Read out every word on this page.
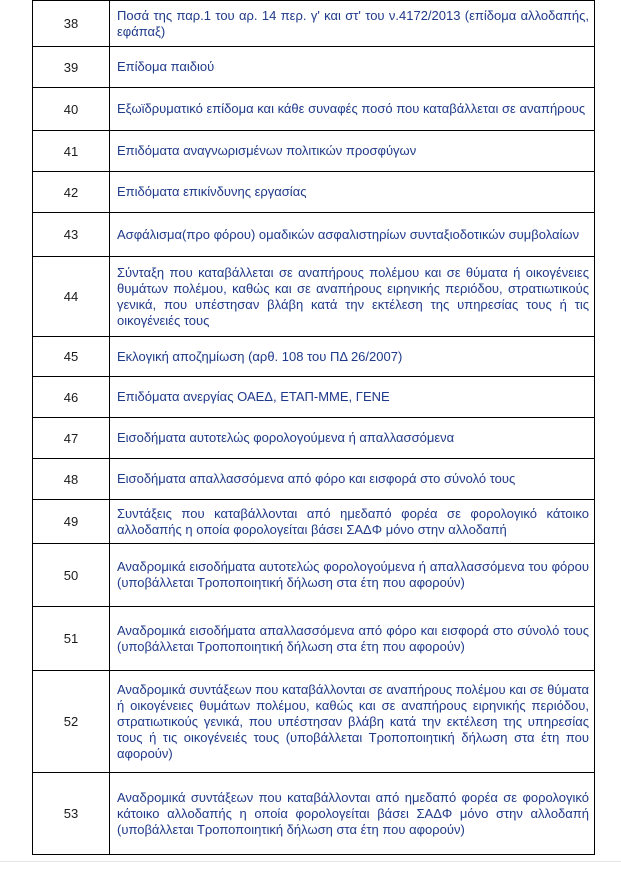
38	Ποσά της παρ.1 του αρ. 14 περ. γ' και στ' του ν.4172/2013 (επίδομα αλλοδαπής, εφάπαξ)
39	Επίδομα παιδιού
40	Εξωϊδρυματικό επίδομα και κάθε συναφές ποσό που καταβάλλεται σε αναπήρους
41	Επιδόματα αναγνωρισμένων πολιτικών προσφύγων
42	Επιδόματα επικίνδυνης εργασίας
43	Ασφάλισμα(προ φόρου) ομαδικών ασφαλιστηρίων συνταξιοδοτικών συμβολαίων
44	Σύνταξη που καταβάλλεται σε αναπήρους πολέμου και σε θύματα ή οικογένειες θυμάτων πολέμου, καθώς και σε αναπήρους ειρηνικής περιόδου, στρατιωτικούς γενικά, που υπέστησαν βλάβη κατά την εκτέλεση της υπηρεσίας τους ή τις οικογένειές τους
45	Εκλογική αποζημίωση (αρθ. 108 του ΠΔ 26/2007)
46	Επιδόματα ανεργίας ΟΑΕΔ, ΕΤΑΠ-ΜΜΕ, ΓΕΝΕ
47	Εισοδήματα αυτοτελώς φορολογούμενα ή απαλλασσόμενα
48	Εισοδήματα απαλλασσόμενα από φόρο και εισφορά στο σύνολό τους
49	Συντάξεις που καταβάλλονται από ημεδαπό φορέα σε φορολογικό κάτοικο αλλοδαπής η οποία φορολογείται βάσει ΣΑΔΦ μόνο στην αλλοδαπή
50	Αναδρομικά εισοδήματα αυτοτελώς φορολογούμενα ή απαλλασσόμενα του φόρου (υποβάλλεται Τροποποιητική δήλωση στα έτη που αφορούν)
51	Αναδρομικά εισοδήματα απαλλασσόμενα από φόρο και εισφορά στο σύνολό τους (υποβάλλεται Τροποποιητική δήλωση στα έτη που αφορούν)
52	Αναδρομικά συντάξεων που καταβάλλονται σε αναπήρους πολέμου και σε θύματα ή οικογένειες θυμάτων πολέμου, καθώς και σε αναπήρους ειρηνικής περιόδου, στρατιωτικούς γενικά, που υπέστησαν βλάβη κατά την εκτέλεση της υπηρεσίας τους ή τις οικογένειές τους (υποβάλλεται Τροποποιητική δήλωση στα έτη που αφορούν)
53	Αναδρομικά συντάξεων που καταβάλλονται από ημεδαπό φορέα σε φορολογικό κάτοικο αλλοδαπής η οποία φορολογείται βάσει ΣΑΔΦ μόνο στην αλλοδαπή (υποβάλλεται Τροποποιητική δήλωση στα έτη που αφορούν)
